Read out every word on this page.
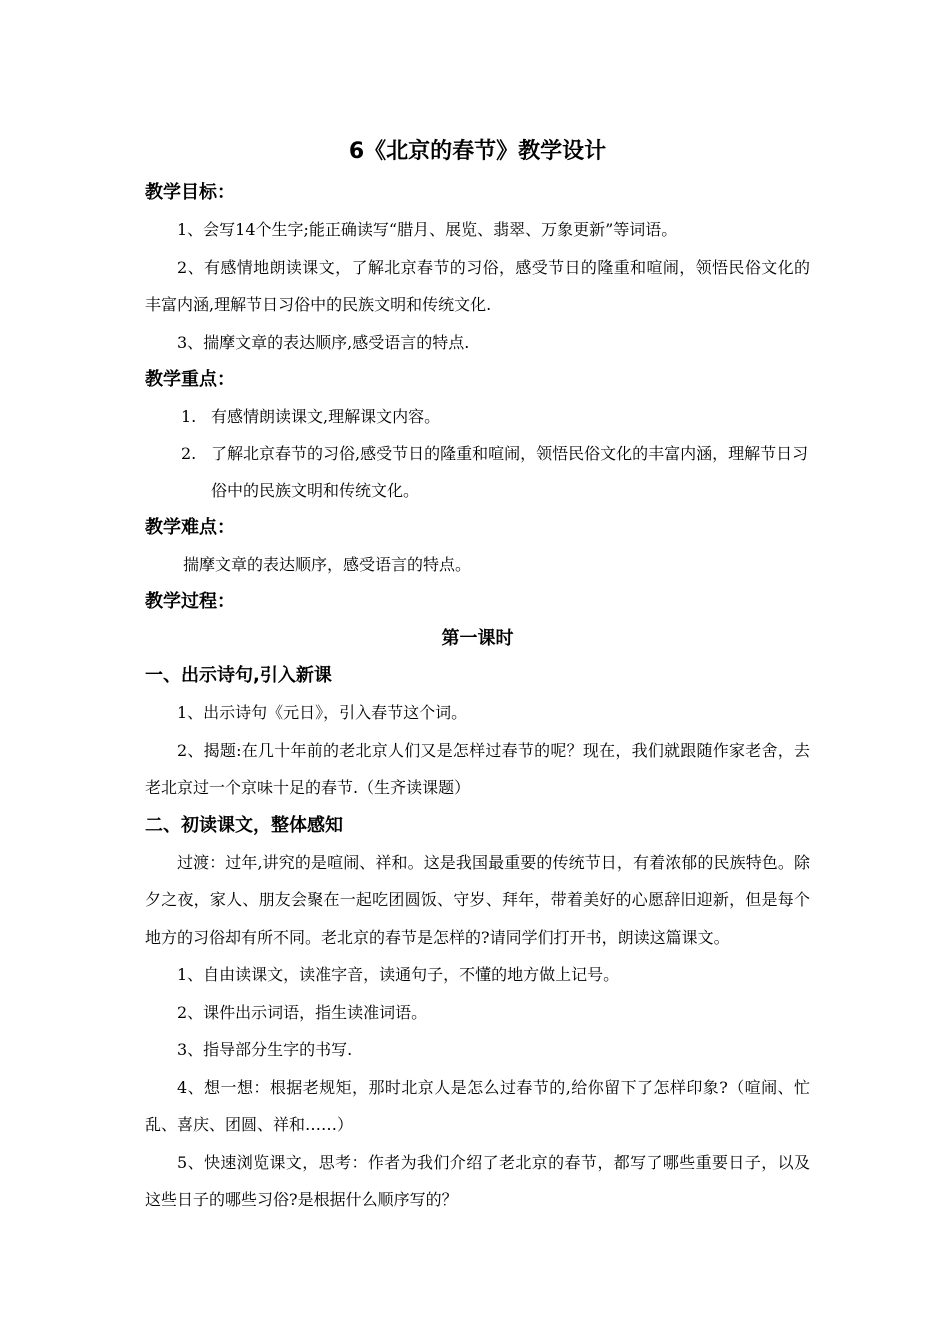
6《北京的春节》教学设计
教学目标：

1、会写14个生字;能正确读写“腊月、展览、翡翠、万象更新”等词语。

2、有感情地朗读课文，了解北京春节的习俗，感受节日的隆重和喧闹，领悟民俗文化的丰富内涵,理解节日习俗中的民族文明和传统文化.

3、揣摩文章的表达顺序,感受语言的特点.

教学重点：
1. 有感情朗读课文,理解课文内容。
2. 了解北京春节的习俗,感受节日的隆重和喧闹，领悟民俗文化的丰富内涵，理解节日习俗中的民族文明和传统文化。
教学难点：
揣摩文章的表达顺序，感受语言的特点。
教学过程：
第一课时
一、出示诗句,引入新课

1、出示诗句《元日》，引入春节这个词。

2、揭题:在几十年前的老北京人们又是怎样过春节的呢？现在，我们就跟随作家老舍，去老北京过一个京味十足的春节.（生齐读课题）

二、初读课文，整体感知

过渡：过年,讲究的是喧闹、祥和。这是我国最重要的传统节日，有着浓郁的民族特色。除夕之夜，家人、朋友会聚在一起吃团圆饭、守岁、拜年，带着美好的心愿辞旧迎新，但是每个地方的习俗却有所不同。老北京的春节是怎样的?请同学们打开书，朗读这篇课文。

1、自由读课文，读准字音，读通句子，不懂的地方做上记号。

2、课件出示词语，指生读准词语。

3、指导部分生字的书写.

4、想一想：根据老规矩，那时北京人是怎么过春节的,给你留下了怎样印象?（喧闹、忙乱、喜庆、团圆、祥和……）

5、快速浏览课文，思考：作者为我们介绍了老北京的春节，都写了哪些重要日子，以及这些日子的哪些习俗?是根据什么顺序写的？
